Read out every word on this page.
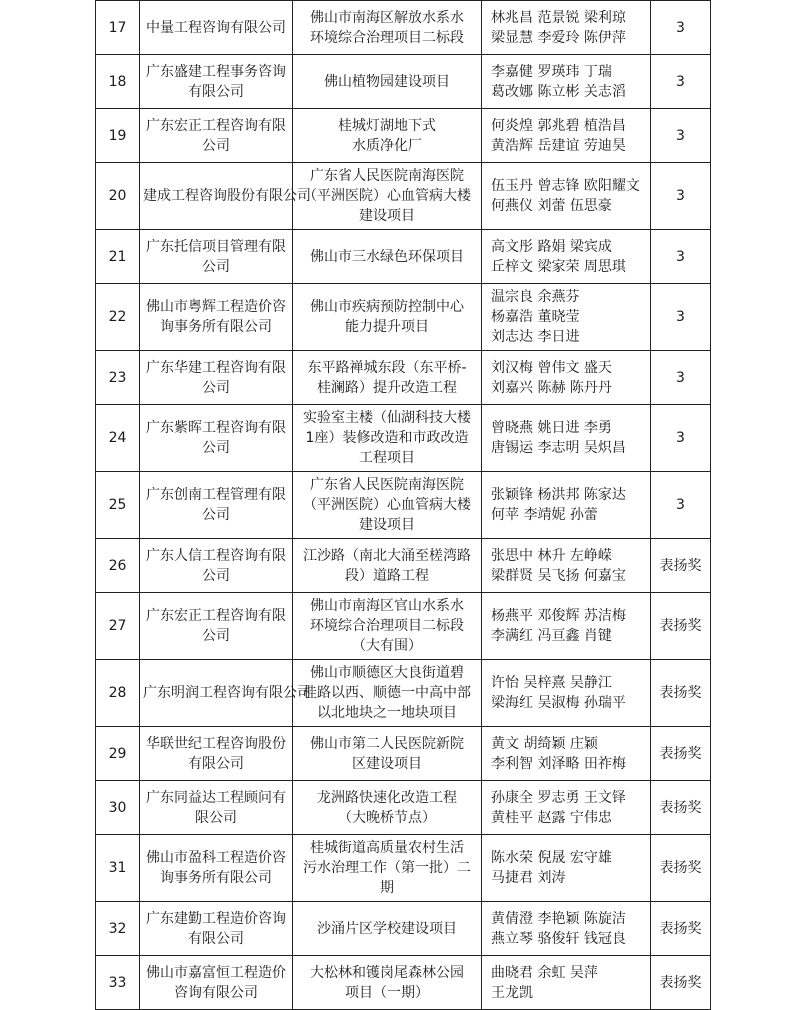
17	中量工程咨询有限公司	佛山市南海区解放水系水
环境综合治理项目二标段	林兆昌 范景锐 梁利琼
梁显慧 李爱玲 陈伊萍	3
18	广东盛建工程事务咨询
有限公司	佛山植物园建设项目	李嘉健 罗瑛玮 丁瑞
葛改娜 陈立彬 关志滔	3
19	广东宏正工程咨询有限
公司	桂城灯湖地下式
水质净化厂	何炎煌 郭兆碧 植浩昌
黄浩辉 岳建谊 劳迪昊	3
20	建成工程咨询股份有限公司	广东省人民医院南海医院
（平洲医院）心血管病大楼
建设项目	伍玉丹 曾志锋 欧阳耀文
何燕仪 刘蕾 伍思豪	3
21	广东托信项目管理有限
公司	佛山市三水绿色环保项目	高文彤 路娟 梁宾成
丘梓文 梁家荣 周思琪	3
22	佛山市粤辉工程造价咨
询事务所有限公司	佛山市疾病预防控制中心
能力提升项目	温宗良 余燕芬
杨嘉浩 董晓莹
刘志达 李日进	3
23	广东华建工程咨询有限
公司	东平路禅城东段（东平桥-
桂澜路）提升改造工程	刘汉梅 曾伟文 盛天
刘嘉兴 陈赫 陈丹丹	3
24	广东紫晖工程咨询有限
公司	实验室主楼（仙湖科技大楼
1座）装修改造和市政改造
工程项目	曾晓燕 姚日进 李勇
唐锡运 李志明 吴炽昌	3
25	广东创南工程管理有限
公司	广东省人民医院南海医院
（平洲医院）心血管病大楼
建设项目	张颖锋 杨洪邦 陈家达
何苹 李靖妮 孙蕾	3
26	广东人信工程咨询有限
公司	江沙路（南北大涌至槎湾路
段）道路工程	张思中 林升 左峥嵘
梁群贤 吴飞扬 何嘉宝	表扬奖
27	广东宏正工程咨询有限
公司	佛山市南海区官山水系水
环境综合治理项目二标段
（大有围）	杨燕平 邓俊辉 苏洁梅
李满红 冯亘鑫 肖键	表扬奖
28	广东明润工程咨询有限公司	佛山市顺德区大良街道碧
桂路以西、顺德一中高中部
以北地块之一地块项目	许怡 吴梓熹 吴静江
梁海红 吴淑梅 孙瑞平	表扬奖
29	华联世纪工程咨询股份
有限公司	佛山市第二人民医院新院
区建设项目	黄文 胡绮颖 庄颖
李利智 刘泽略 田祚梅	表扬奖
30	广东同益达工程顾问有
限公司	龙洲路快速化改造工程
（大晚桥节点）	孙康全 罗志勇 王文铎
黄桂平 赵露 宁伟忠	表扬奖
31	佛山市盈科工程造价咨
询事务所有限公司	桂城街道高质量农村生活
污水治理工作（第一批）二
期	陈水荣 倪晟 宏守雄
马捷君 刘涛	表扬奖
32	广东建勤工程造价咨询
有限公司	沙涌片区学校建设项目	黄倩澄 李艳颖 陈旋洁
燕立琴 骆俊轩 钱冠良	表扬奖
33	佛山市嘉富恒工程造价
咨询有限公司	大松林和镬岗尾森林公园
项目（一期）	曲晓君 余虹 吴萍
王龙凯	表扬奖
